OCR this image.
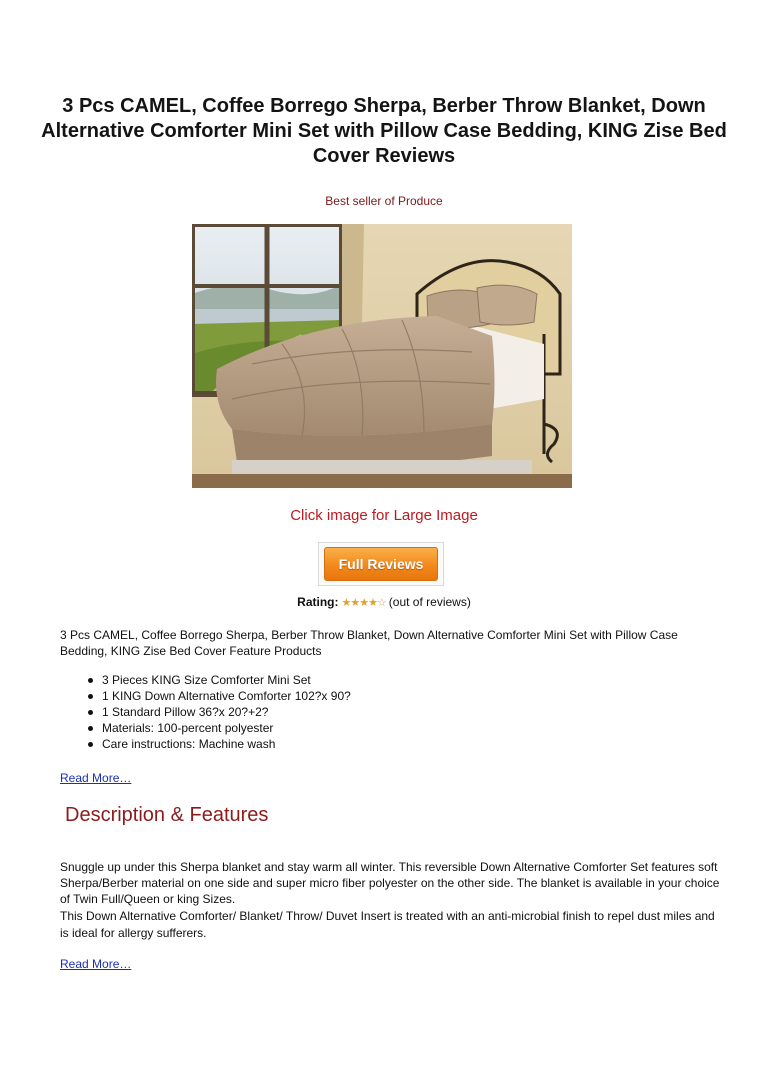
3 Pcs CAMEL, Coffee Borrego Sherpa, Berber Throw Blanket, Down Alternative Comforter Mini Set with Pillow Case Bedding, KING Zise Bed Cover Reviews
Best seller of Produce
Click image for Large Image
Full Reviews
Rating: ★★★★☆ (out of reviews)
3 Pcs CAMEL, Coffee Borrego Sherpa, Berber Throw Blanket, Down Alternative Comforter Mini Set with Pillow Case Bedding, KING Zise Bed Cover Feature Products
3 Pieces KING Size Comforter Mini Set
1 KING Down Alternative Comforter 102?x 90?
1 Standard Pillow 36?x 20?+2?
Materials: 100-percent polyester
Care instructions: Machine wash
Read More…
Description & Features

Snuggle up under this Sherpa blanket and stay warm all winter. This reversible Down Alternative Comforter Set features soft Sherpa/Berber material on one side and super micro fiber polyester on the other side. The blanket is available in your choice of Twin Full/Queen or king Sizes.

This Down Alternative Comforter/ Blanket/ Throw/ Duvet Insert is treated with an anti-microbial finish to repel dust miles and is ideal for allergy sufferers.

Read More…
